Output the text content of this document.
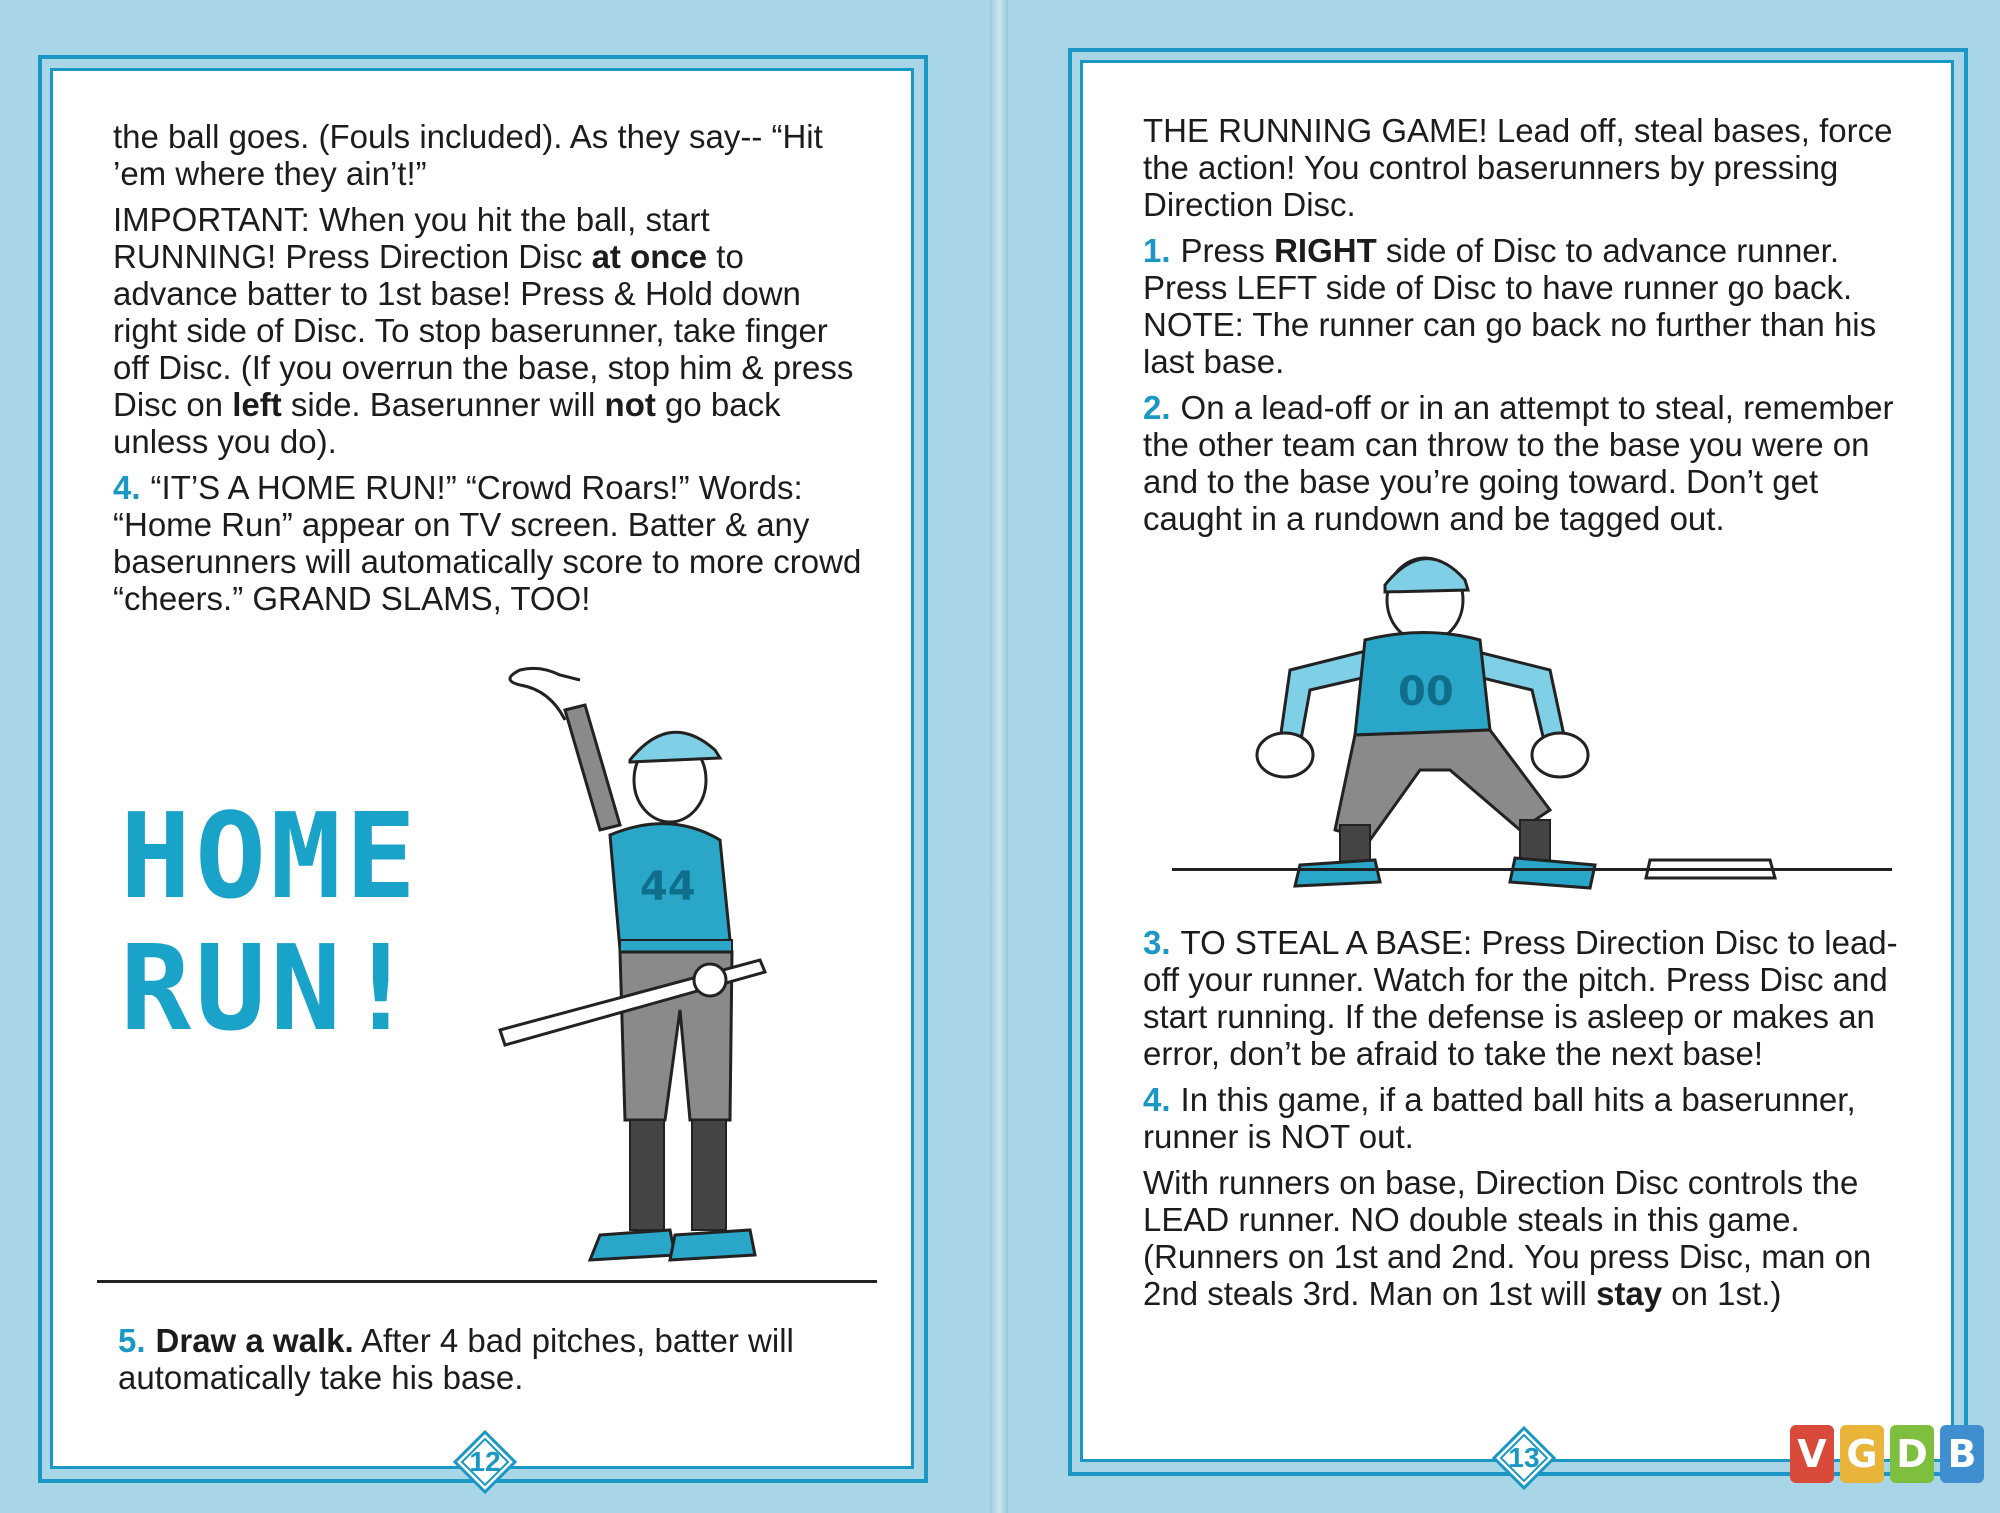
the ball goes. (Fouls included). As they say-- “Hit ’em where they ain’t!”

IMPORTANT: When you hit the ball, start RUNNING! Press Direction Disc at once to advance batter to 1st base! Press & Hold down right side of Disc. To stop baserunner, take finger off Disc. (If you overrun the base, stop him & press Disc on left side. Baserunner will not go back unless you do).

4. “IT’S A HOME RUN!” “Crowd Roars!” Words: “Home Run” appear on TV screen. Batter & any baserunners will automatically score to more crowd “cheers.” GRAND SLAMS, TOO!

HOME
RUN!
44

5. Draw a walk. After 4 bad pitches, batter will automatically take his base.

12

THE RUNNING GAME! Lead off, steal bases, force the action! You control baserunners by pressing Direction Disc.

1. Press RIGHT side of Disc to advance runner. Press LEFT side of Disc to have runner go back. NOTE: The runner can go back no further than his last base.

2. On a lead-off or in an attempt to steal, remember the other team can throw to the base you were on and to the base you’re going toward. Don’t get caught in a rundown and be tagged out.

00

3. TO STEAL A BASE: Press Direction Disc to lead-off your runner. Watch for the pitch. Press Disc and start running. If the defense is asleep or makes an error, don’t be afraid to take the next base!

4. In this game, if a batted ball hits a baserunner, runner is NOT out.

With runners on base, Direction Disc controls the LEAD runner. NO double steals in this game. (Runners on 1st and 2nd. You press Disc, man on 2nd steals 3rd. Man on 1st will stay on 1st.)

13	V G D B
